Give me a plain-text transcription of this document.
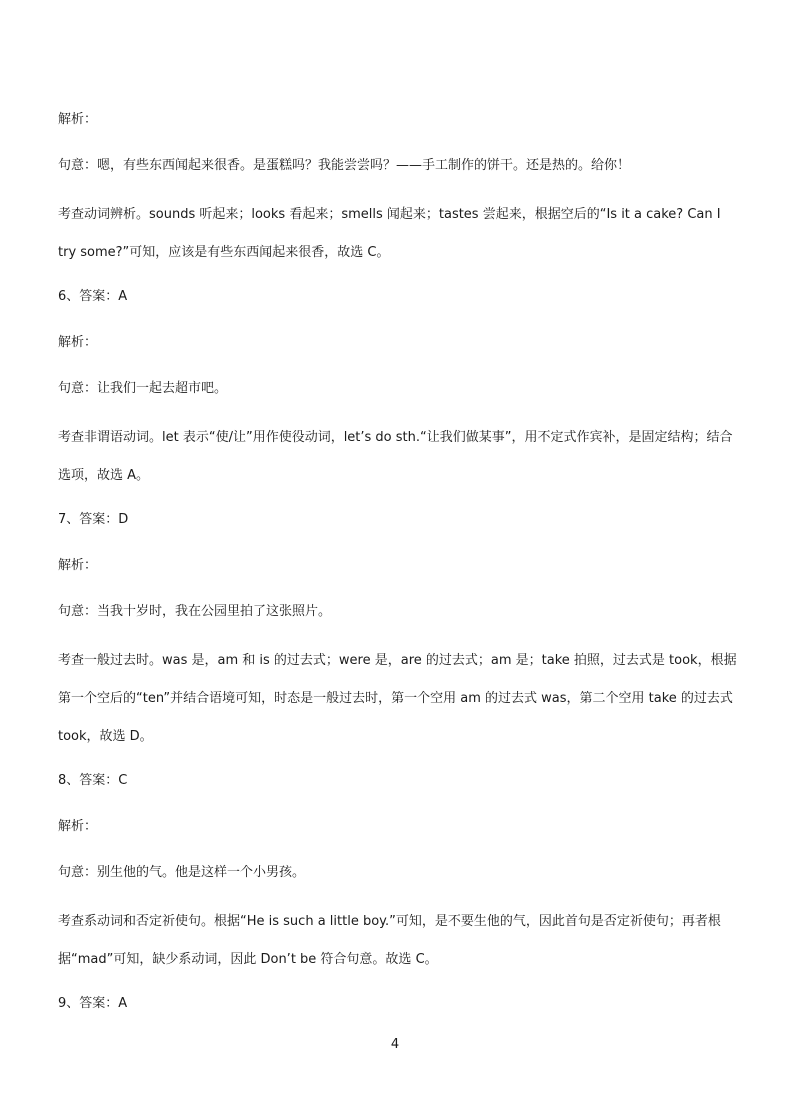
解析：
句意：嗯，有些东西闻起来很香。是蛋糕吗？我能尝尝吗？——手工制作的饼干。还是热的。给你！
考查动词辨析。sounds 听起来；looks 看起来；smells 闻起来；tastes 尝起来，根据空后的“Is it a cake? Can I try some?”可知，应该是有些东西闻起来很香，故选 C。
6、答案：A
解析：
句意：让我们一起去超市吧。
考查非谓语动词。let 表示“使/让”用作使役动词，let’s do sth.“让我们做某事”，用不定式作宾补，是固定结构；结合选项，故选 A。
7、答案：D
解析：
句意：当我十岁时，我在公园里拍了这张照片。
考查一般过去时。was 是，am 和 is 的过去式；were 是，are 的过去式；am 是；take 拍照，过去式是 took，根据第一个空后的“ten”并结合语境可知，时态是一般过去时，第一个空用 am 的过去式 was，第二个空用 take 的过去式 took，故选 D。
8、答案：C
解析：
句意：别生他的气。他是这样一个小男孩。
考查系动词和否定祈使句。根据“He is such a little boy.”可知，是不要生他的气，因此首句是否定祈使句；再者根据“mad”可知，缺少系动词，因此 Don’t be 符合句意。故选 C。
9、答案：A
4
